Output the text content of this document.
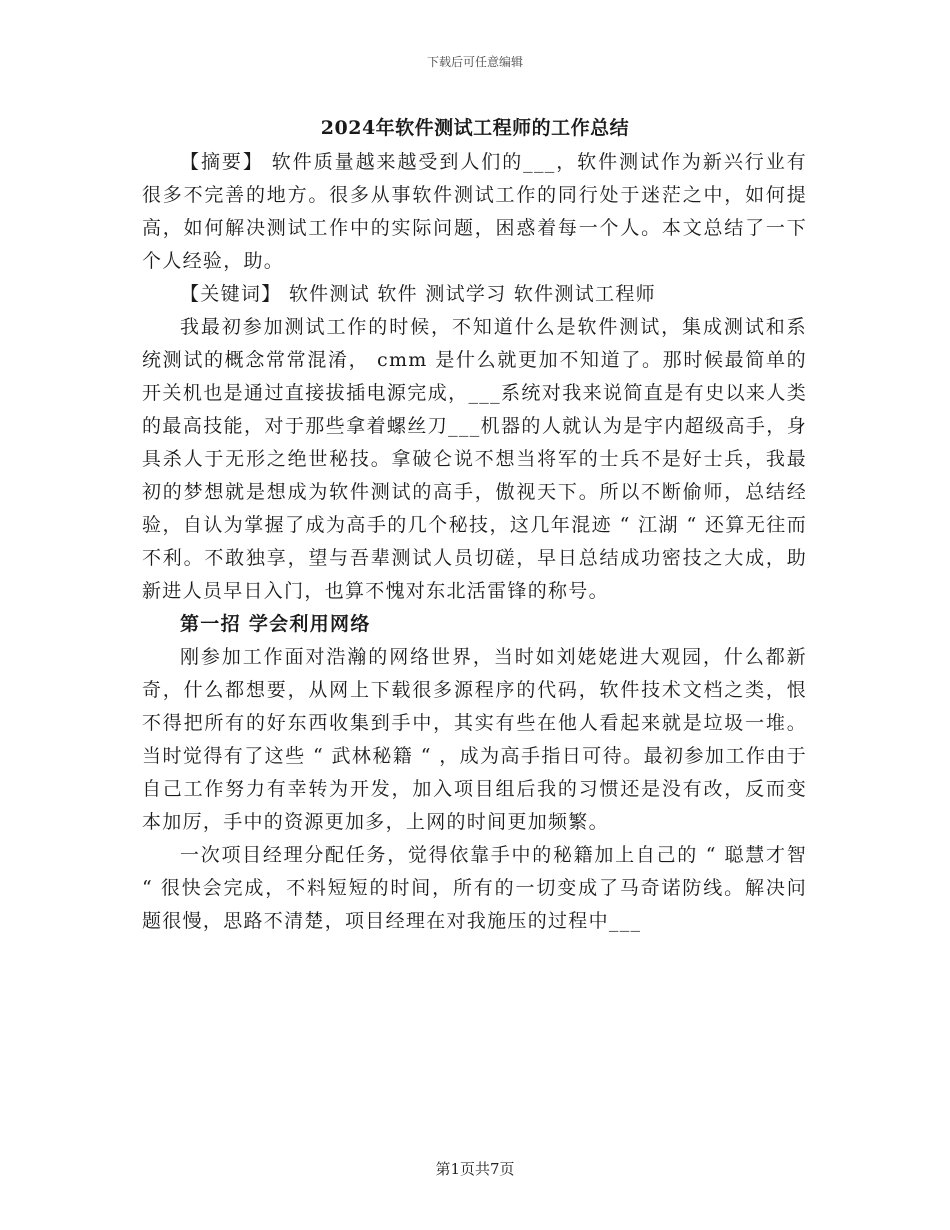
下载后可任意编辑
2024年软件测试工程师的工作总结

【摘要】 软件质量越来越受到人们的___，软件测试作为新兴行业有很多不完善的地方。很多从事软件测试工作的同行处于迷茫之中，如何提高，如何解决测试工作中的实际问题，困惑着每一个人。本文总结了一下个人经验，助。

【关键词】 软件测试 软件 测试学习 软件测试工程师

我最初参加测试工作的时候，不知道什么是软件测试，集成测试和系统测试的概念常常混淆， cmm 是什么就更加不知道了。那时候最简单的开关机也是通过直接拔插电源完成，___系统对我来说简直是有史以来人类的最高技能，对于那些拿着螺丝刀___机器的人就认为是宇内超级高手，身具杀人于无形之绝世秘技。拿破仑说不想当将军的士兵不是好士兵，我最初的梦想就是想成为软件测试的高手，傲视天下。所以不断偷师，总结经验，自认为掌握了成为高手的几个秘技，这几年混迹 “ 江湖 “ 还算无往而不利。不敢独享，望与吾辈测试人员切磋，早日总结成功密技之大成，助新进人员早日入门，也算不愧对东北活雷锋的称号。

第一招 学会利用网络

刚参加工作面对浩瀚的网络世界，当时如刘姥姥进大观园，什么都新奇，什么都想要，从网上下载很多源程序的代码，软件技术文档之类，恨不得把所有的好东西收集到手中，其实有些在他人看起来就是垃圾一堆。当时觉得有了这些 “ 武林秘籍 “ ，成为高手指日可待。最初参加工作由于自己工作努力有幸转为开发，加入项目组后我的习惯还是没有改，反而变本加厉，手中的资源更加多，上网的时间更加频繁。

一次项目经理分配任务，觉得依靠手中的秘籍加上自己的 “ 聪慧才智 “ 很快会完成，不料短短的时间，所有的一切变成了马奇诺防线。解决问题很慢，思路不清楚，项目经理在对我施压的过程中___

第1页共7页
